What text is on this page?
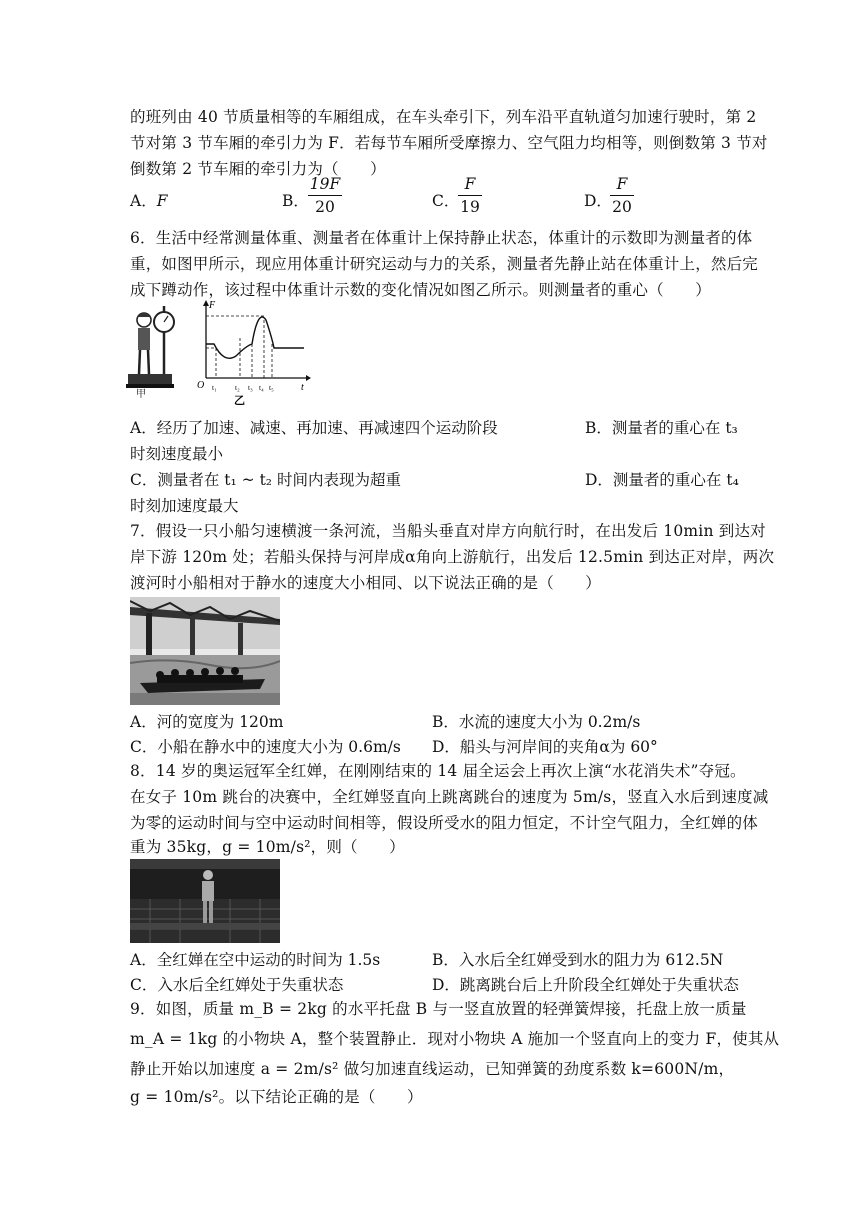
的班列由 40 节质量相等的车厢组成，在车头牵引下，列车沿平直轨道匀加速行驶时，第 2
节对第 3 节车厢的牵引力为 F．若每节车厢所受摩擦力、空气阻力均相等，则倒数第 3 节对
倒数第 2 节车厢的牵引力为（　　）
A．F	B．
19F
20	C．
F
19	D．
F
20
6．生活中经常测量体重、测量者在体重计上保持静止状态，体重计的示数即为测量者的体
重，如图甲所示，现应用体重计研究运动与力的关系，测量者先静止站在体重计上，然后完
成下蹲动作，该过程中体重计示数的变化情况如图乙所示。则测量者的重心（　　）
甲
F
t
O t₁ t₂ t₃ t₄ t₅
乙
A．经历了加速、减速、再加速、再减速四个运动阶段	B．测量者的重心在 t₃
时刻速度最小
C．测量者在 t₁ ~ t₂ 时间内表现为超重	D．测量者的重心在 t₄
时刻加速度最大
7．假设一只小船匀速横渡一条河流，当船头垂直对岸方向航行时，在出发后 10min 到达对
岸下游 120m 处；若船头保持与河岸成α角向上游航行，出发后 12.5min 到达正对岸，两次
渡河时小船相对于静水的速度大小相同、以下说法正确的是（　　）
A．河的宽度为 120m	B．水流的速度大小为 0.2m/s
C．小船在静水中的速度大小为 0.6m/s D．船头与河岸间的夹角α为 60°
8．14 岁的奥运冠军全红婵，在刚刚结束的 14 届全运会上再次上演“水花消失术”夺冠。
在女子 10m 跳台的决赛中，全红婵竖直向上跳离跳台的速度为 5m/s，竖直入水后到速度减
为零的运动时间与空中运动时间相等，假设所受水的阻力恒定，不计空气阻力，全红婵的体
重为 35kg，g = 10m/s²，则（　　）
A．全红婵在空中运动的时间为 1.5s	B．入水后全红婵受到水的阻力为 612.5N
C．入水后全红婵处于失重状态	D．跳离跳台后上升阶段全红婵处于失重状态
9．如图，质量 m_B = 2kg 的水平托盘 B 与一竖直放置的轻弹簧焊接，托盘上放一质量
m_A = 1kg 的小物块 A，整个装置静止．现对小物块 A 施加一个竖直向上的变力 F，使其从
静止开始以加速度 a = 2m/s² 做匀加速直线运动，已知弹簧的劲度系数 k=600N/m，
g = 10m/s²。以下结论正确的是（　　）
